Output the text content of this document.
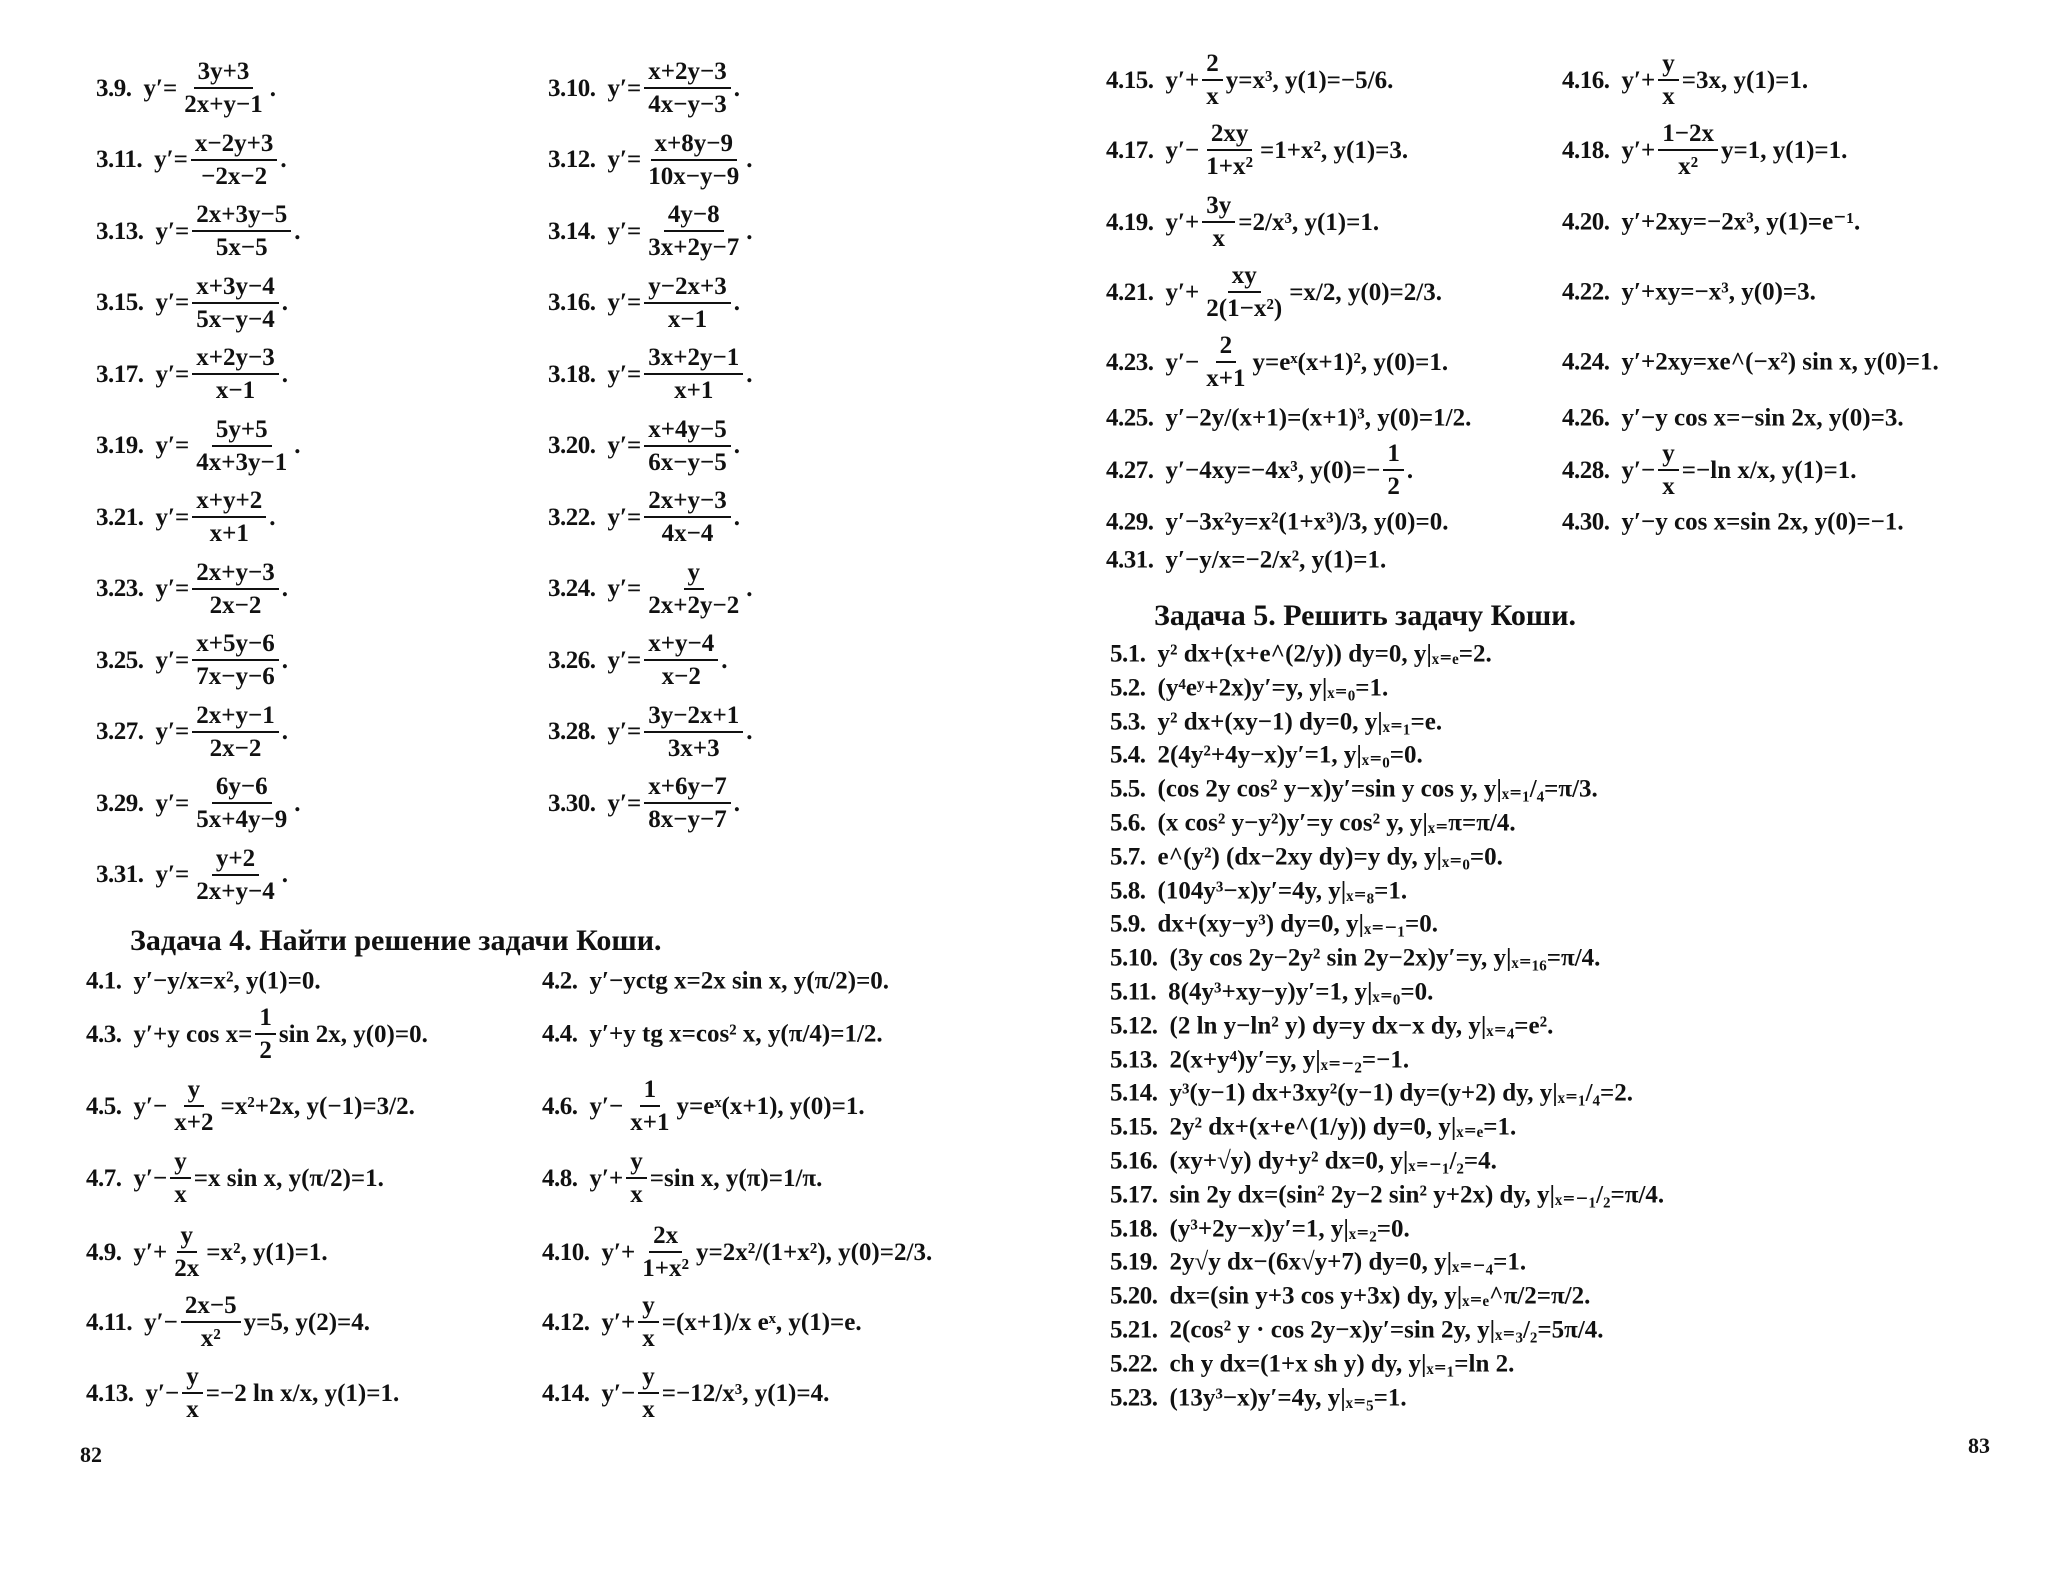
3.9. $y'= \frac{3y+3}{2x+y-1}$ .	3.10. $y'= \frac{x+2y-3}{4x-y-3}$ .
3.11. $y'= \frac{x-2y+3}{-2x-2}$ .	3.12. $y'= \frac{x+8y-9}{10x-y-9}$ .
3.13. $y'= \frac{2x+3y-5}{5x-5}$ .	3.14. $y'= \frac{4y-8}{3x+2y-7}$ .
3.15. $y'= \frac{x+3y-4}{5x-y-4}$ .	3.16. $y'= \frac{y-2x+3}{x-1}$ .
3.17. $y'= \frac{x+2y-3}{x-1}$ .	3.18. $y'= \frac{3x+2y-1}{x+1}$ .
3.19. $y'= \frac{5y+5}{4x+3y-1}$ .	3.20. $y'= \frac{x+4y-5}{6x-y-5}$ .
3.21. $y'= \frac{x+y+2}{x+1}$ .	3.22. $y'= \frac{2x+y-3}{4x-4}$ .
3.23. $y'= \frac{2x+y-3}{2x-2}$ .	3.24. $y'= \frac{y}{2x+2y-2}$ .
3.25. $y'= \frac{x+5y-6}{7x-y-6}$ .	3.26. $y'= \frac{x+y-4}{x-2}$ .
3.27. $y'= \frac{2x+y-1}{2x-2}$ .	3.28. $y'= \frac{3y-2x+1}{3x+3}$ .
3.29. $y'= \frac{6y-6}{5x+4y-9}$ .	3.30. $y'= \frac{x+6y-7}{8x-y-7}$ .
3.31. $y'= \frac{y+2}{2x+y-4}$ .
Задача 4. Найти решение задачи Коши.
4.1. y′−y/x=x², y(1)=0.	4.2. y′−yctg x=2x sin x, y(π/2)=0.
4.3. y′+y $\cos x= \frac{1}{2}$ sin 2x, y(0)=0.	4.4. y′+y tg x=cos² x, y(π/4)=1/2.
4.5. $y'- \frac{y}{x+2} =x^2+2x$, y(−1)=3/2.	4.6. $y'- \frac{1}{x+1}$ y=eˣ(x+1), y(0)=1.
4.7. $y'- \frac{y}{x} =x$ sin x, y(π/2)=1.	4.8. $y'+ \frac{y}{x} =\sin$ x, y(π)=1/π.
4.9. $y'+ \frac{y}{2x} =x^2$, y(1)=1.	4.10. $y'+ \frac{2x}{\text{1+x²}} y=2x^2/(1+x^2)$, y(0)=2/3.
4.11. $y'- \frac{2x-5}{\text{x²}} y=5$, y(2)=4.	4.12. $y'+ \frac{y}{x} =(x+1)/x$ eˣ, y(1)=e.
4.13. $y'- \frac{y}{x} =-2$ ln x/x, y(1)=1.	4.14. $y'- \frac{y}{x} =-12/x^3$, y(1)=4.
82
4.15. $y'+ \frac{2}{x} y=x^3$, y(1)=−5/6.	4.16. $y'+ \frac{y}{x} =3x$, y(1)=1.
4.17. $y'- \frac{2xy}{\text{1+x²}} =1+x^2$, y(1)=3.	4.18. $y'+ \frac{1-2x}{\text{x²}} y=1$, y(1)=1.
4.19. $y'+ \frac{3y}{x} =2/x^3$, y(1)=1.	4.20. y′+2xy=−2x³, y(1)=e⁻¹.
4.21. $y'+ \frac{xy}{\text{2(1−x²)}} =x/2$, y(0)=2/3.	4.22. y′+xy=−x³, y(0)=3.
4.23. $y'- \frac{2}{x+1}$ y=eˣ(x+1)², y(0)=1.	4.24. y′+2xy=xe^(−x²) sin x, y(0)=1.
4.25. y′−2y/(x+1)=(x+1)³, y(0)=1/2.	4.26. y′−y cos x=−sin 2x, y(0)=3.
4.27. y′−4xy=−4x³, $y(0)=- \frac{1}{2}$ .	4.28. $y'- \frac{y}{x} =-\ln$ x/x, y(1)=1.
4.29. y′−3x²y=x²(1+x³)/3, y(0)=0.	4.30. y′−y cos x=sin 2x, y(0)=−1.
4.31. y′−y/x=−2/x², y(1)=1.
Задача 5. Решить задачу Коши.
5.1. y² dx+(x+e^(2/y)) dy=0, y|ₓ₌ₑ=2.
5.2. (y⁴eʸ+2x)y′=y, y|ₓ₌₀=1.
5.3. y² dx+(xy−1) dy=0, y|ₓ₌₁=e.
5.4. 2(4y²+4y−x)y′=1, y|ₓ₌₀=0.
5.5. (cos 2y cos² y−x)y′=sin y cos y, y|ₓ₌₁/₄=π/3.
5.6. (x cos² y−y²)y′=y cos² y, y|ₓ₌π=π/4.
5.7. e^(y²) (dx−2xy dy)=y dy, y|ₓ₌₀=0.
5.8. (104y³−x)y′=4y, y|ₓ₌₈=1.
5.9. dx+(xy−y³) dy=0, y|ₓ₌₋₁=0.
5.10. (3y cos 2y−2y² sin 2y−2x)y′=y, y|ₓ₌₁₆=π/4.
5.11. 8(4y³+xy−y)y′=1, y|ₓ₌₀=0.
5.12. (2 ln y−ln² y) dy=y dx−x dy, y|ₓ₌₄=e².
5.13. 2(x+y⁴)y′=y, y|ₓ₌₋₂=−1.
5.14. y³(y−1) dx+3xy²(y−1) dy=(y+2) dy, y|ₓ₌₁/₄=2.
5.15. 2y² dx+(x+e^(1/y)) dy=0, y|ₓ₌ₑ=1.
5.16. (xy+√y) dy+y² dx=0, y|ₓ₌₋₁/₂=4.
5.17. sin 2y dx=(sin² 2y−2 sin² y+2x) dy, y|ₓ₌₋₁/₂=π/4.
5.18. (y³+2y−x)y′=1, y|ₓ₌₂=0.
5.19. 2y√y dx−(6x√y+7) dy=0, y|ₓ₌₋₄=1.
5.20. dx=(sin y+3 cos y+3x) dy, y|ₓ₌ₑ^π/2=π/2.
5.21. 2(cos² y · cos 2y−x)y′=sin 2y, y|ₓ₌₃/₂=5π/4.
5.22. ch y dx=(1+x sh y) dy, y|ₓ₌₁=ln 2.
5.23. (13y³−x)y′=4y, y|ₓ₌₅=1.
83
